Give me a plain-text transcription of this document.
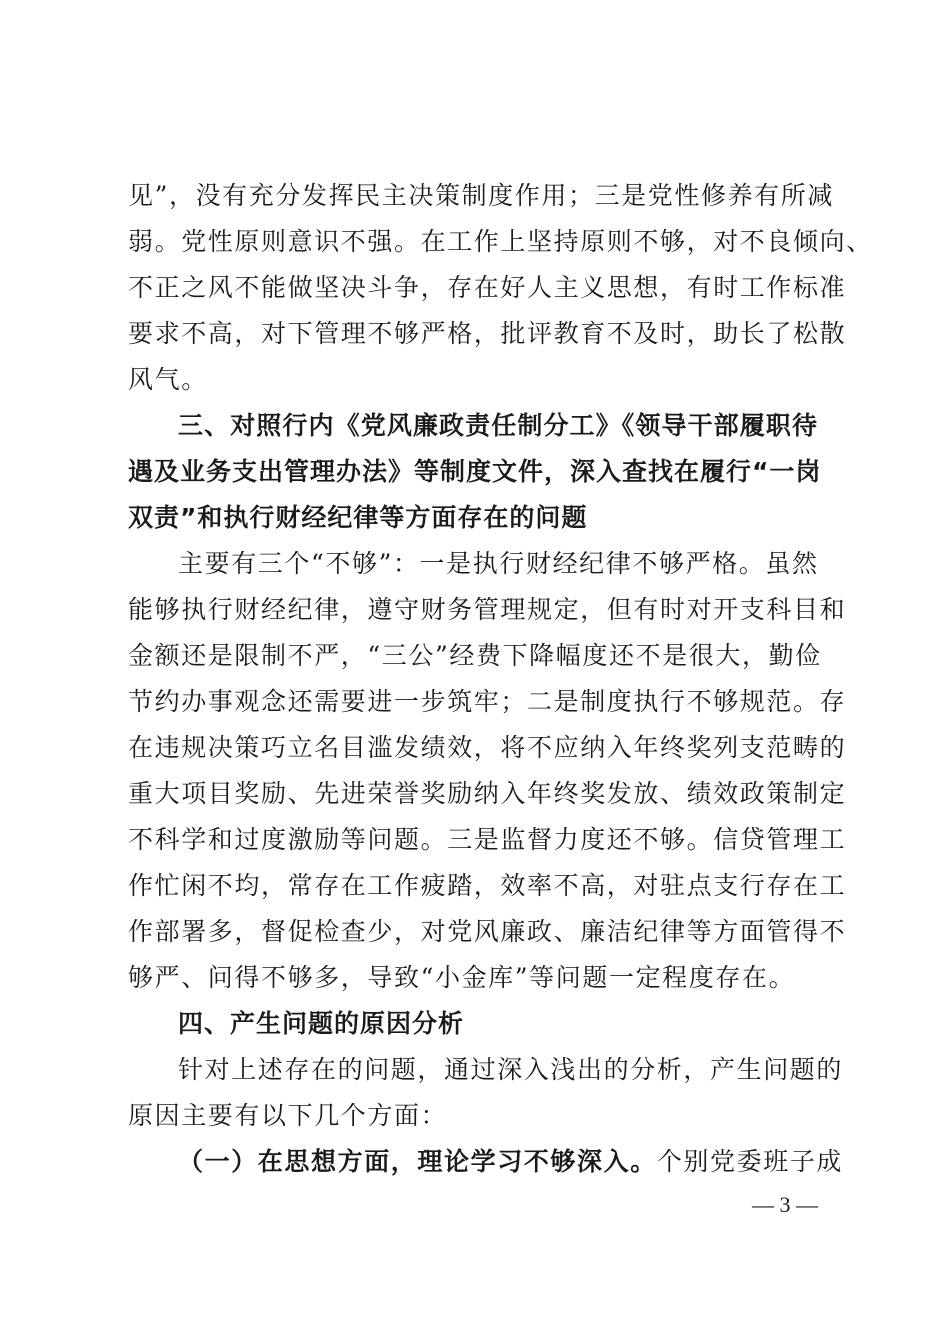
见”，没有充分发挥民主决策制度作用；三是党性修养有所减
弱。党性原则意识不强。在工作上坚持原则不够，对不良倾向、
不正之风不能做坚决斗争，存在好人主义思想，有时工作标准
要求不高，对下管理不够严格，批评教育不及时，助长了松散
风气。
三、对照行内《党风廉政责任制分工》《领导干部履职待
遇及业务支出管理办法》等制度文件，深入查找在履行“一岗
双责”和执行财经纪律等方面存在的问题
主要有三个“不够”：一是执行财经纪律不够严格。虽然
能够执行财经纪律，遵守财务管理规定，但有时对开支科目和
金额还是限制不严，“三公”经费下降幅度还不是很大，勤俭
节约办事观念还需要进一步筑牢；二是制度执行不够规范。存
在违规决策巧立名目滥发绩效，将不应纳入年终奖列支范畴的
重大项目奖励、先进荣誉奖励纳入年终奖发放、绩效政策制定
不科学和过度激励等问题。三是监督力度还不够。信贷管理工
作忙闲不均，常存在工作疲踏，效率不高，对驻点支行存在工
作部署多，督促检查少，对党风廉政、廉洁纪律等方面管得不
够严、问得不够多，导致“小金库”等问题一定程度存在。
四、产生问题的原因分析
针对上述存在的问题，通过深入浅出的分析，产生问题的
原因主要有以下几个方面：
（一）在思想方面，理论学习不够深入。个别党委班子成
— 3 —
